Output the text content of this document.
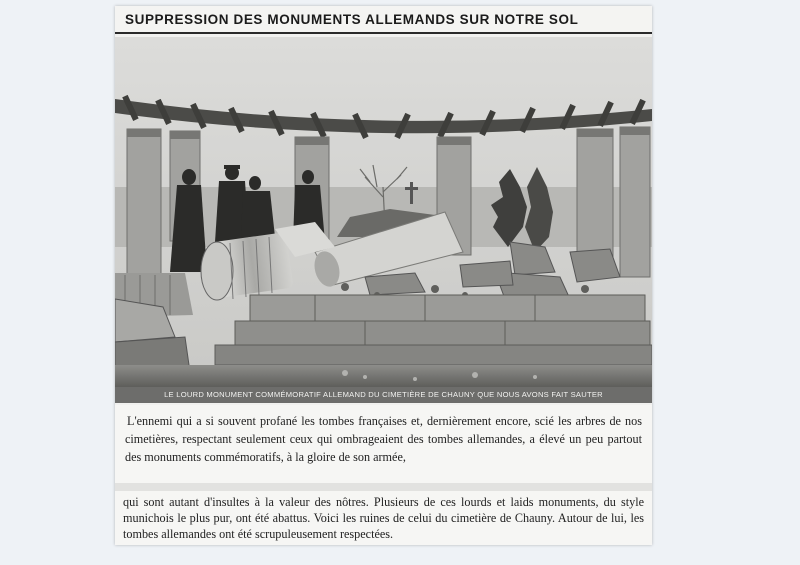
SUPPRESSION DES MONUMENTS ALLEMANDS SUR NOTRE SOL
LE LOURD MONUMENT COMMÉMORATIF ALLEMAND DU CIMETIÈRE DE CHAUNY QUE NOUS AVONS FAIT SAUTER

L'ennemi qui a si souvent profané les tombes françaises et, dernièrement encore, scié les arbres de nos cimetières, respectant seulement ceux qui ombrageaient des tombes allemandes, a élevé un peu partout des monuments commémoratifs, à la gloire de son armée,

qui sont autant d'insultes à la valeur des nôtres. Plusieurs de ces lourds et laids monuments, du style munichois le plus pur, ont été abattus. Voici les ruines de celui du cimetière de Chauny. Autour de lui, les tombes allemandes ont été scrupuleusement respectées.
